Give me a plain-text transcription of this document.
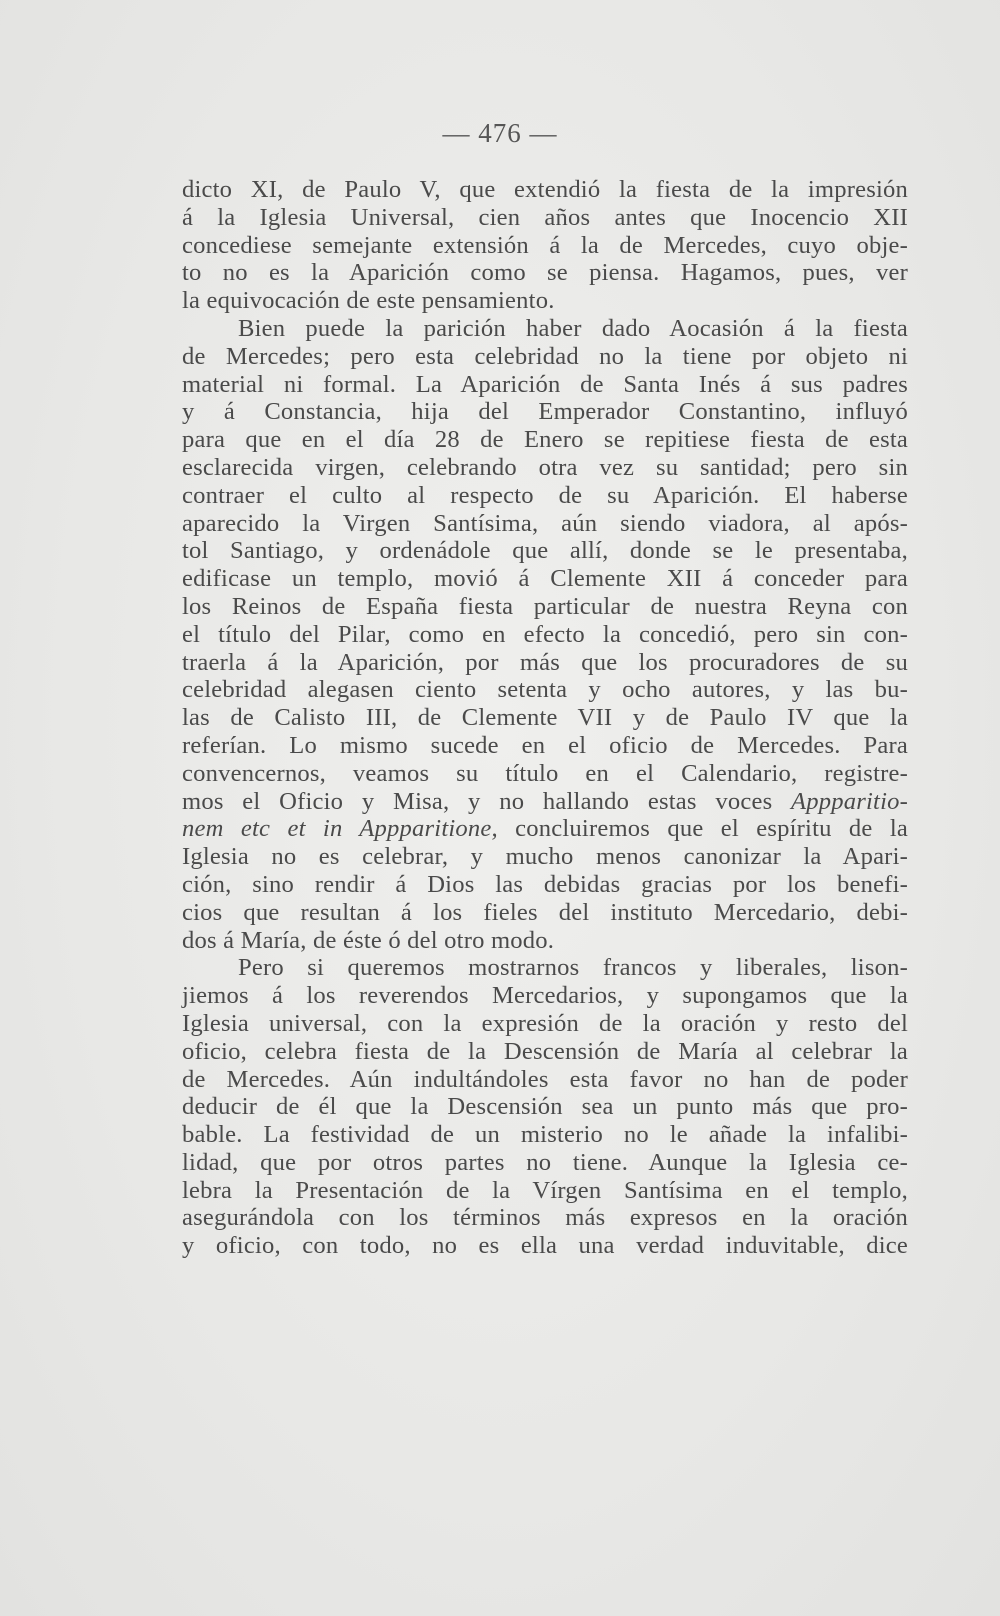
— 476 —
dicto XI, de Paulo V, que extendió la fiesta de la impresión
á la Iglesia Universal, cien años antes que Inocencio XII
concediese semejante extensión á la de Mercedes, cuyo obje-
to no es la Aparición como se piensa. Hagamos, pues, ver
la equivocación de este pensamiento.
Bien puede la parición haber dado Aocasión á la fiesta
de Mercedes; pero esta celebridad no la tiene por objeto ni
material ni formal. La Aparición de Santa Inés á sus padres
y á Constancia, hija del Emperador Constantino, influyó
para que en el día 28 de Enero se repitiese fiesta de esta
esclarecida virgen, celebrando otra vez su santidad; pero sin
contraer el culto al respecto de su Aparición. El haberse
aparecido la Virgen Santísima, aún siendo viadora, al após-
tol Santiago, y ordenádole que allí, donde se le presentaba,
edificase un templo, movió á Clemente XII á conceder para
los Reinos de España fiesta particular de nuestra Reyna con
el título del Pilar, como en efecto la concedió, pero sin con-
traerla á la Aparición, por más que los procuradores de su
celebridad alegasen ciento setenta y ocho autores, y las bu-
las de Calisto III, de Clemente VII y de Paulo IV que la
referían. Lo mismo sucede en el oficio de Mercedes. Para
convencernos, veamos su título en el Calendario, registre-
mos el Oficio y Misa, y no hallando estas voces Appparitio-
nem etc et in Appparitione, concluiremos que el espíritu de la
Iglesia no es celebrar, y mucho menos canonizar la Apari-
ción, sino rendir á Dios las debidas gracias por los benefi-
cios que resultan á los fieles del instituto Mercedario, debi-
dos á María, de éste ó del otro modo.
Pero si queremos mostrarnos francos y liberales, lison-
jiemos á los reverendos Mercedarios, y supongamos que la
Iglesia universal, con la expresión de la oración y resto del
oficio, celebra fiesta de la Descensión de María al celebrar la
de Mercedes. Aún indultándoles esta favor no han de poder
deducir de él que la Descensión sea un punto más que pro-
bable. La festividad de un misterio no le añade la infalibi-
lidad, que por otros partes no tiene. Aunque la Iglesia ce-
lebra la Presentación de la Vírgen Santísima en el templo,
asegurándola con los términos más expresos en la oración
y oficio, con todo, no es ella una verdad induvitable, dice
